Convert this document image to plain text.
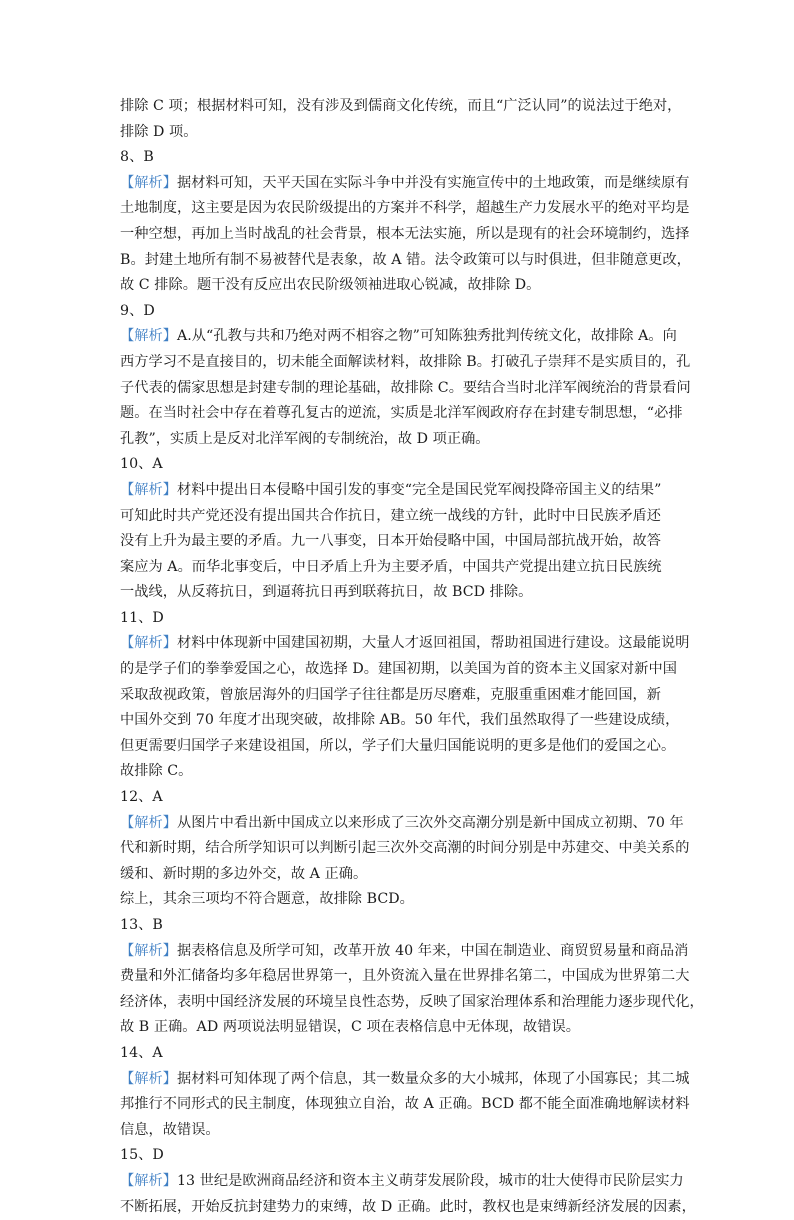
排除 C 项；根据材料可知，没有涉及到儒商文化传统，而且“广泛认同”的说法过于绝对，
排除 D 项。
8、B
【解析】据材料可知，天平天国在实际斗争中并没有实施宣传中的土地政策，而是继续原有
土地制度，这主要是因为农民阶级提出的方案并不科学，超越生产力发展水平的绝对平均是
一种空想，再加上当时战乱的社会背景，根本无法实施，所以是现有的社会环境制约，选择
B。封建土地所有制不易被替代是表象，故 A 错。法令政策可以与时俱进，但非随意更改，
故 C 排除。题干没有反应出农民阶级领袖进取心锐减，故排除 D。
9、D
【解析】A.从“孔教与共和乃绝对两不相容之物”可知陈独秀批判传统文化，故排除 A。向
西方学习不是直接目的，切未能全面解读材料，故排除 B。打破孔子崇拜不是实质目的，孔
子代表的儒家思想是封建专制的理论基础，故排除 C。要结合当时北洋军阀统治的背景看问
题。在当时社会中存在着尊孔复古的逆流，实质是北洋军阀政府存在封建专制思想，“必排
孔教”，实质上是反对北洋军阀的专制统治，故 D 项正确。
10、A
【解析】材料中提出日本侵略中国引发的事变“完全是国民党军阀投降帝国主义的结果”
可知此时共产党还没有提出国共合作抗日，建立统一战线的方针，此时中日民族矛盾还
没有上升为最主要的矛盾。九一八事变，日本开始侵略中国，中国局部抗战开始，故答
案应为 A。而华北事变后，中日矛盾上升为主要矛盾，中国共产党提出建立抗日民族统
一战线，从反蒋抗日，到逼蒋抗日再到联蒋抗日，故 BCD 排除。
11、D
【解析】材料中体现新中国建国初期，大量人才返回祖国，帮助祖国进行建设。这最能说明
的是学子们的拳拳爱国之心，故选择 D。建国初期，以美国为首的资本主义国家对新中国
采取敌视政策，曾旅居海外的归国学子往往都是历尽磨难，克服重重困难才能回国，新
中国外交到 70 年度才出现突破，故排除 AB。50 年代，我们虽然取得了一些建设成绩，
但更需要归国学子来建设祖国，所以，学子们大量归国能说明的更多是他们的爱国之心。
故排除 C。
12、A
【解析】从图片中看出新中国成立以来形成了三次外交高潮分别是新中国成立初期、70 年
代和新时期，结合所学知识可以判断引起三次外交高潮的时间分别是中苏建交、中美关系的
缓和、新时期的多边外交，故 A 正确。
综上，其余三项均不符合题意，故排除 BCD。
13、B
【解析】据表格信息及所学可知，改革开放 40 年来，中国在制造业、商贸贸易量和商品消
费量和外汇储备均多年稳居世界第一，且外资流入量在世界排名第二，中国成为世界第二大
经济体，表明中国经济发展的环境呈良性态势，反映了国家治理体系和治理能力逐步现代化，
故 B 正确。AD 两项说法明显错误，C 项在表格信息中无体现，故错误。
14、A
【解析】据材料可知体现了两个信息，其一数量众多的大小城邦，体现了小国寡民；其二城
邦推行不同形式的民主制度，体现独立自治，故 A 正确。BCD 都不能全面准确地解读材料
信息，故错误。
15、D
【解析】13 世纪是欧洲商品经济和资本主义萌芽发展阶段，城市的壮大使得市民阶层实力
不断拓展，开始反抗封建势力的束缚，故 D 正确。此时，教权也是束缚新经济发展的因素，
